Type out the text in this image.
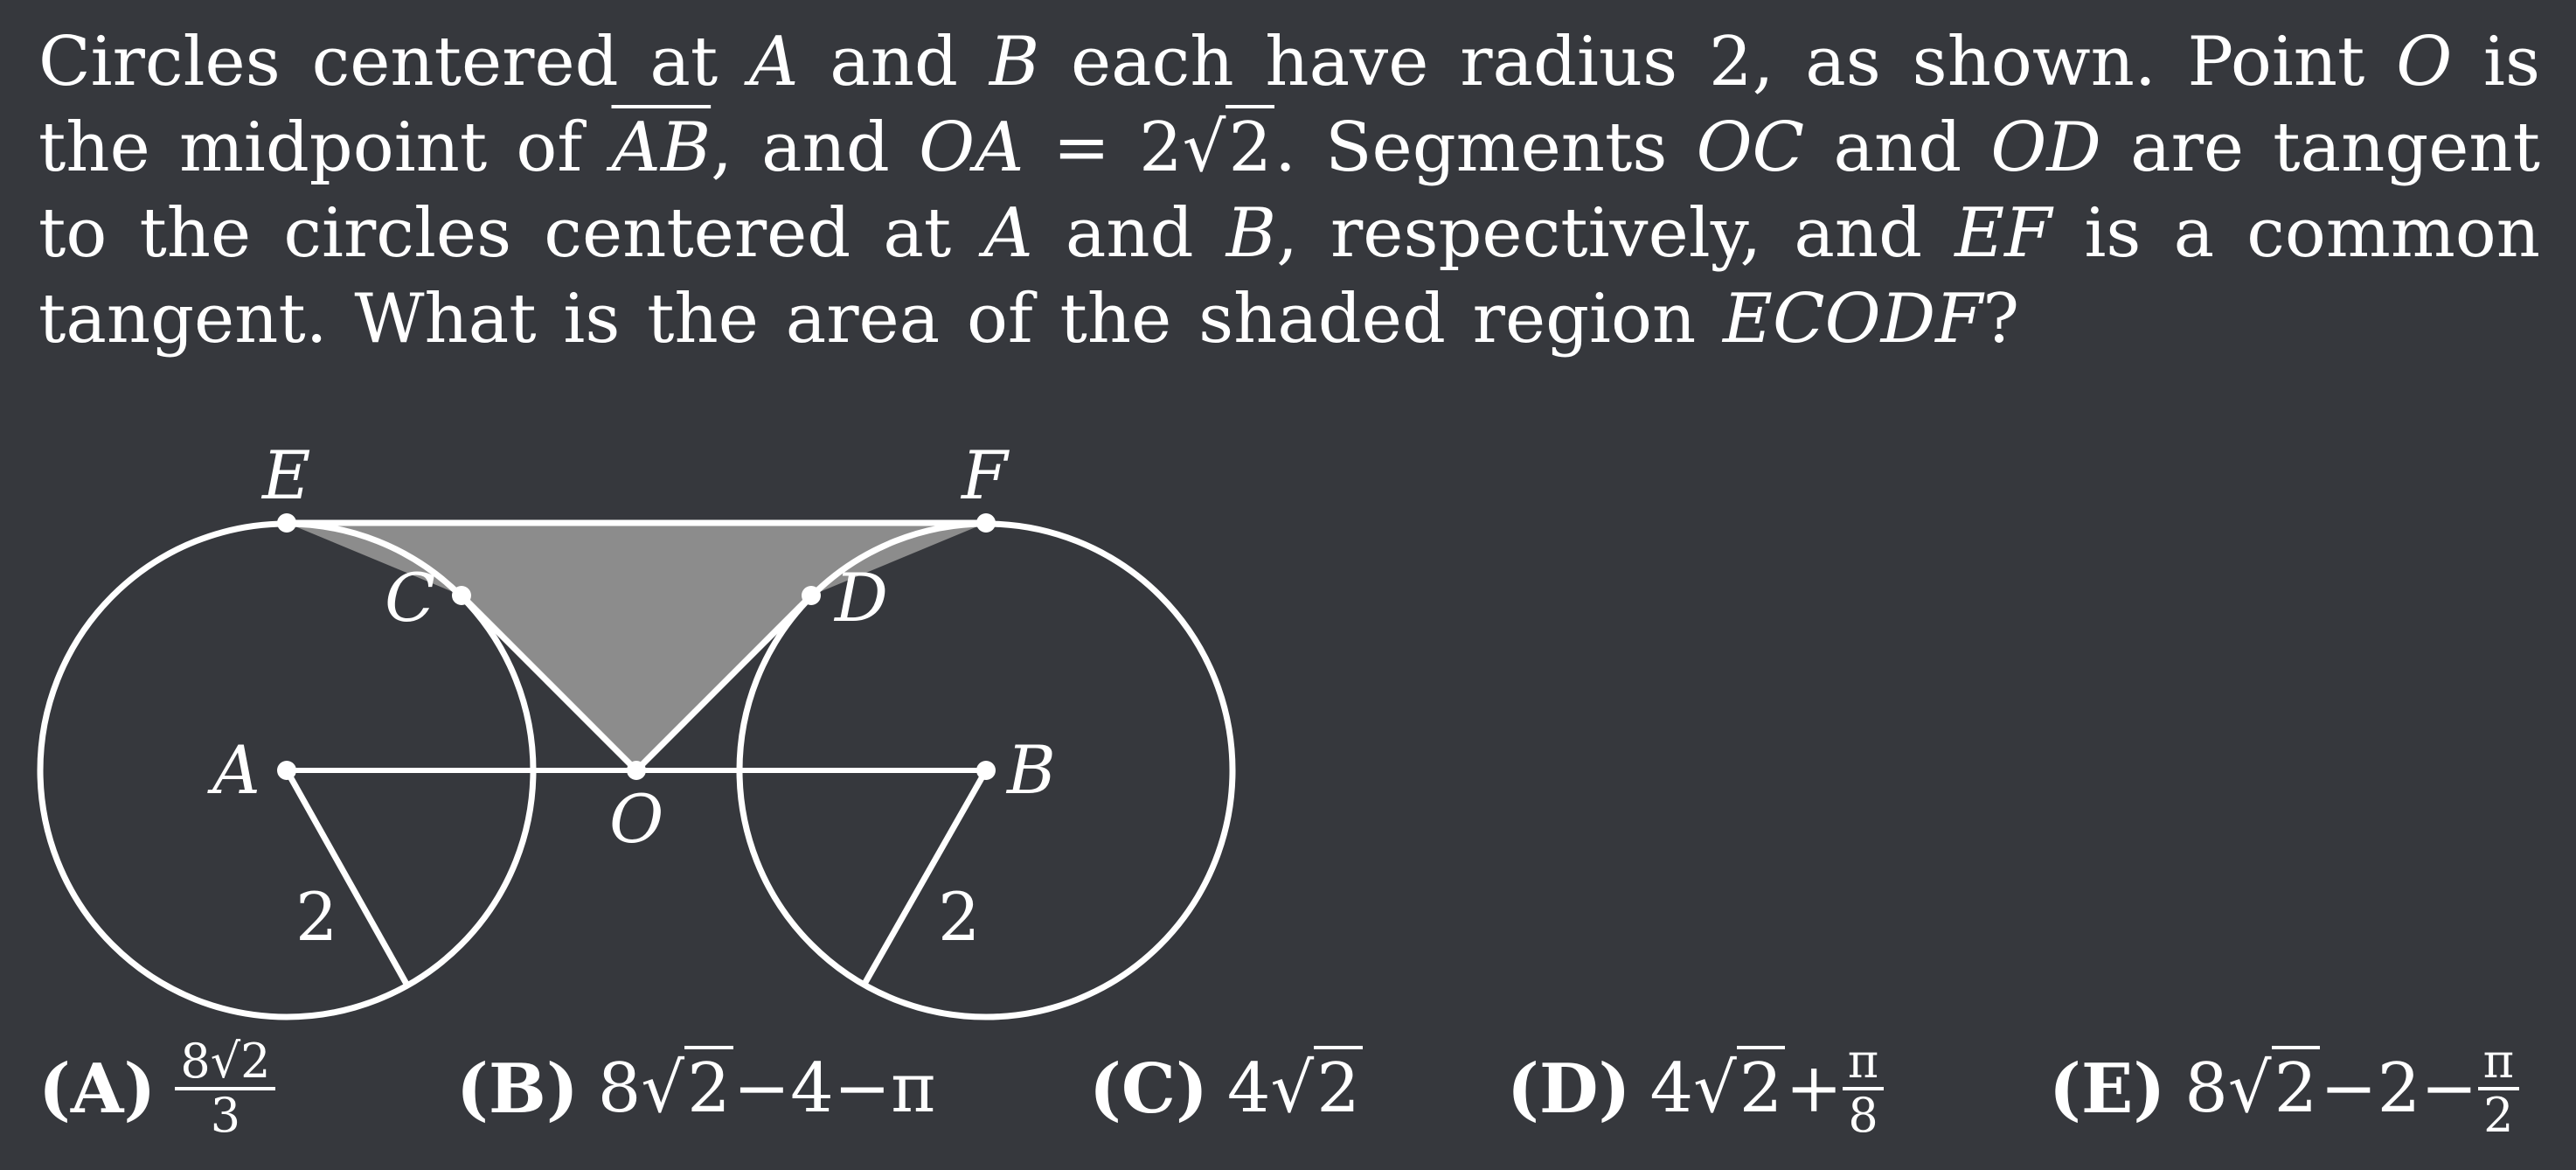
Circles centered at A and B each have radius 2, as shown. Point O is the midpoint of $\overline{AB}$, and OA = 2√2. Segments OC and OD are tangent to the circles centered at A and B, respectively, and EF is a common tangent. What is the area of the shaded region ECODF?
E	F
C	D
A	B
O
2	2
$(A) \frac{8√2}{3}$	(B) 8 √2 −4−π (C) 4 √2 (D) 4 $√2 + \frac{\pi}{8} (E)$ 8 $√2 -2- \frac{\pi}{2}$
